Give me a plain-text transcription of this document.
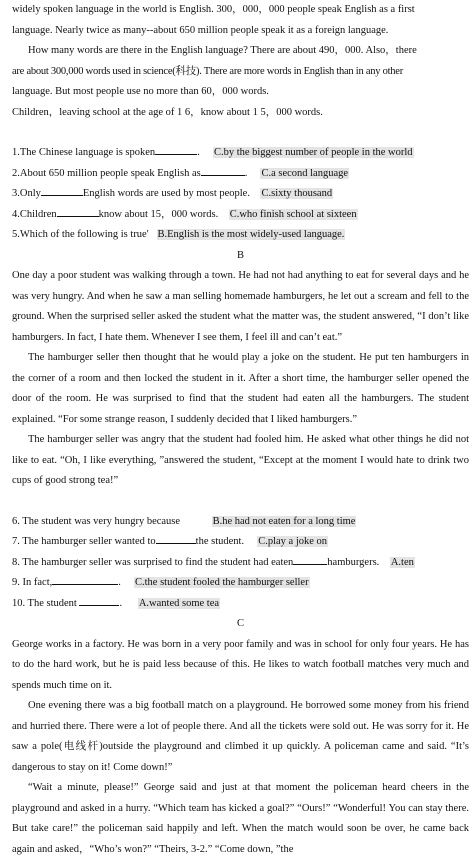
widely spoken language in the world is English. 300，000，000 people speak English as a first

language. Nearly twice as many--about 650 million people speak it as a foreign language.

How many words are there in the English language? There are about 490，000. Also，there

are about 300,000 words used in science(科技). There are more words in English than in any other

language. But most people use no more than 60，000 words.

Children，leaving school at the age of 1 6，know about 1 5，000 words.

1.The Chinese language is spoken	. C.by the biggest number of people in the world

2.About 650 million people speak English as	. C.a second language

3.Only	English words are used by most people. C.sixty thousand

4.Children	know about 15，000 words. C.who finish school at sixteen

5.Which of the following is true' B.English is the most widely-used language.

B

One day a poor student was walking through a town. He had not had anything to eat for several days and he was very hungry. And when he saw a man selling homemade hamburgers, he let out a scream and fell to the ground. When the surprised seller asked the student what the matter was, the student answered, “I don’t like hamburgers. In fact, I hate them. Whenever I see them, I feel ill and can’t eat.”

The hamburger seller then thought that he would play a joke on the student. He put ten hamburgers in the corner of a room and then locked the student in it. After a short time, the hamburger seller opened the door of the room. He was surprised to find that the student had eaten all the hamburgers. The student explained. “For some strange reason, I suddenly decided that I liked hamburgers.”

The hamburger seller was angry that the student had fooled him. He asked what other things he did not like to eat. “Oh, I like everything, ”answered the student, “Except at the moment I would hate to drink two cups of good strong tea!”

6. The student was very hungry because	B.he had not eaten for a long time

7. The hamburger seller wanted to	the student. C.play a joke on

8. The hamburger seller was surprised to find the student had eaten	hamburgers. A.ten

9. In fact,	. C.the student fooled the hamburger seller

10. The student	. A.wanted some tea

C

George works in a factory. He was born in a very poor family and was in school for only four years. He has to do the hard work, but he is paid less because of this. He likes to watch football matches very much and spends much time on it.

One evening there was a big football match on a playground. He borrowed some money from his friend and hurried there. There were a lot of people there. And all the tickets were sold out. He was sorry for it. He saw a pole(电线杆)outside the playground and climbed it up quickly. A policeman came and said. “It’s dangerous to stay on it! Come down!”

“Wait a minute, please!” George said and just at that moment the policeman heard cheers in the playground and asked in a hurry. “Which team has kicked a goal?” “Ours!” “Wonderful! You can stay there. But take care!” the policeman said happily and left. When the match would soon be over, he came back again and asked，“Who’s won?” “Theirs, 3-2.” “Come down, ”the
